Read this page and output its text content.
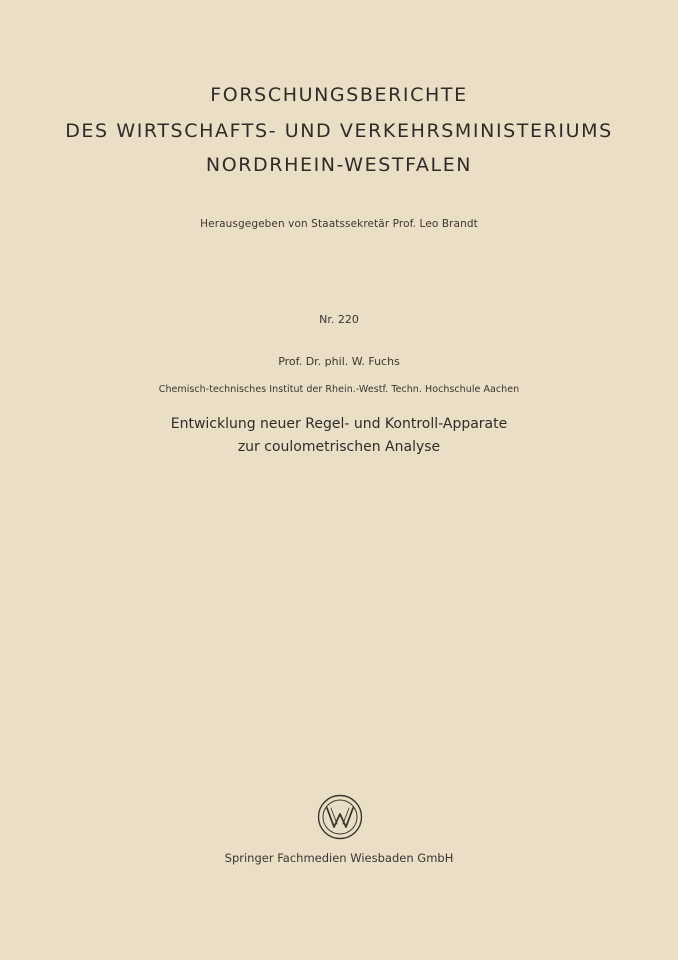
FORSCHUNGSBERICHTE
DES WIRTSCHAFTS- UND VERKEHRSMINISTERIUMS
NORDRHEIN-WESTFALEN
Herausgegeben von Staatssekretär Prof. Leo Brandt
Nr. 220
Prof. Dr. phil. W. Fuchs
Chemisch-technisches Institut der Rhein.-Westf. Techn. Hochschule Aachen
Entwicklung neuer Regel- und Kontroll-Apparate
zur coulometrischen Analyse
Springer Fachmedien Wiesbaden GmbH
